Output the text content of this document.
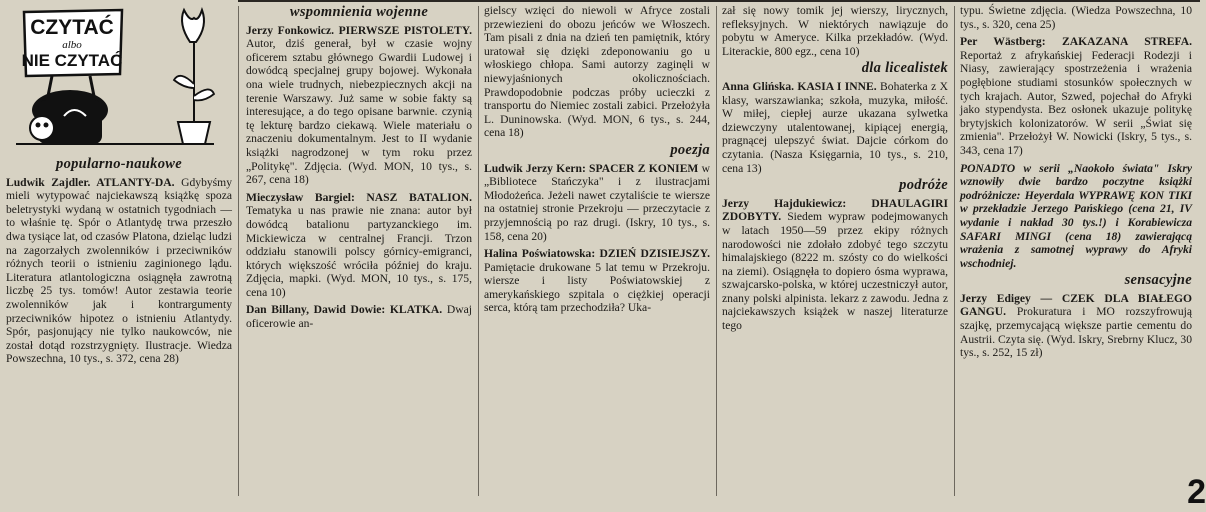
CZYTAĆ
albo
NIE CZYTAĆ
popularno-naukowe

Ludwik Zajdler. ATLANTY-DA. Gdybyśmy mieli wytypować najciekawszą książkę spoza beletrystyki wydaną w ostatnich tygodniach — to właśnie tę. Spór o Atlantydę trwa przeszło dwa tysiące lat, od czasów Platona, dzieląc ludzi na zagorzałych zwolenników i przeciwników różnych teorii o istnieniu zaginionego lądu. Literatura atlantologiczna osiągnęła zawrotną liczbę 25 tys. tomów! Autor zestawia teorie zwolenników jak i kontrargumenty przeciwników hipotez o istnieniu Atlantydy. Spór, pasjonujący nie tylko naukowców, nie został dotąd rozstrzygnięty. Ilustracje. Wiedza Powszechna, 10 tys., s. 372, cena 28)

wspomnienia wojenne

Jerzy Fonkowicz. PIERWSZE PISTOLETY. Autor, dziś generał, był w czasie wojny oficerem sztabu głównego Gwardii Ludowej i dowódcą specjalnej grupy bojowej. Wykonała ona wiele trudnych, niebezpiecznych akcji na terenie Warszawy. Już same w sobie fakty są interesujące, a do tego opisane barwnie. czynią tę lekturę bardzo ciekawą. Wiele materiału o znaczeniu dokumentalnym. Jest to II wydanie książki nagrodzonej w tym roku przez „Politykę". Zdjęcia. (Wyd. MON, 10 tys., s. 267, cena 18)

Mieczysław Bargiel: NASZ BATALION. Tematyka u nas prawie nie znana: autor był dowódcą batalionu partyzanckiego im. Mickiewicza w centralnej Francji. Trzon oddziału stanowili polscy górnicy-emigranci, których większość wróciła później do kraju. Zdjęcia, mapki. (Wyd. MON, 10 tys., s. 175, cena 10)

Dan Billany, Dawid Dowie: KLATKA. Dwaj oficerowie an-

gielscy wzięci do niewoli w Afryce zostali przewiezieni do obozu jeńców we Włoszech. Tam pisali z dnia na dzień ten pamiętnik, który uratował się dzięki zdeponowaniu go u włoskiego chłopa. Sami autorzy zaginęli w niewyjaśnionych okolicznościach. Prawdopodobnie podczas próby ucieczki z transportu do Niemiec zostali zabici. Przełożyła L. Duninowska. (Wyd. MON, 6 tys., s. 244, cena 18)

poezja

Ludwik Jerzy Kern: SPACER Z KONIEM w „Bibliotece Stańczyka" i z ilustracjami Młodożeńca. Jeżeli nawet czytaliście te wiersze na ostatniej stronie Przekroju — przeczytacie z przyjemnością po raz drugi. (Iskry, 10 tys., s. 158, cena 20)

Halina Poświatowska: DZIEŃ DZISIEJSZY. Pamiętacie drukowane 5 lat temu w Przekroju. wiersze i listy Poświatowskiej z amerykańskiego szpitala o ciężkiej operacji serca, którą tam przechodziła? Uka-

zał się nowy tomik jej wierszy, lirycznych, refleksyjnych. W niektórych nawiązuje do pobytu w Ameryce. Kilka przekładów. (Wyd. Literackie, 800 egz., cena 10)

dla licealistek

Anna Glińska. KASIA I INNE. Bohaterka z X klasy, warszawianka; szkoła, muzyka, miłość. W miłej, ciepłej aurze ukazana sylwetka dziewczyny utalentowanej, kipiącej energią, pragnącej ulepszyć świat. Dajcie córkom do czytania. (Nasza Księgarnia, 10 tys., s. 210, cena 13)

podróże

Jerzy Hajdukiewicz: DHAULAGIRI ZDOBYTY. Siedem wypraw podejmowanych w latach 1950—59 przez ekipy różnych narodowości nie zdołało zdobyć tego szczytu himalajskiego (8222 m. szósty co do wielkości na ziemi). Osiągnęła to dopiero ósma wyprawa, szwajcarsko-polska, w której uczestniczył autor, znany polski alpinista. lekarz z zawodu. Jedna z najciekawszych książek w naszej literaturze tego

typu. Świetne zdjęcia. (Wiedza Powszechna, 10 tys., s. 320, cena 25)

Per Wästberg: ZAKAZANA STREFA. Reportaż z afrykańskiej Federacji Rodezji i Niasy, zawierający spostrzeżenia i wrażenia pogłębione studiami stosunków społecznych w tych krajach. Autor, Szwed, pojechał do Afryki jako stypendysta. Bez osłonek ukazuje politykę brytyjskich kolonizatorów. W serii „Świat się zmienia". Przełożył W. Nowicki (Iskry, 5 tys., s. 343, cena 17)

PONADTO w serii „Naokoło świata" Iskry wznowiły dwie bardzo poczytne książki podróżnicze: Heyerdala WYPRAWĘ KON TIKI w przekładzie Jerzego Pańskiego (cena 21, IV wydanie i nakład 30 tys.!) i Korabiewicza SAFARI MINGI (cena 18) zawierającą wrażenia z samotnej wyprawy do Afryki wschodniej.

sensacyjne

Jerzy Edigey — CZEK DLA BIAŁEGO GANGU. Prokuratura i MO rozszyfrowują szajkę, przemycającą większe partie cementu do Austrii. Czyta się. (Wyd. Iskry, Srebrny Klucz, 30 tys., s. 252, 15 zł)

2
